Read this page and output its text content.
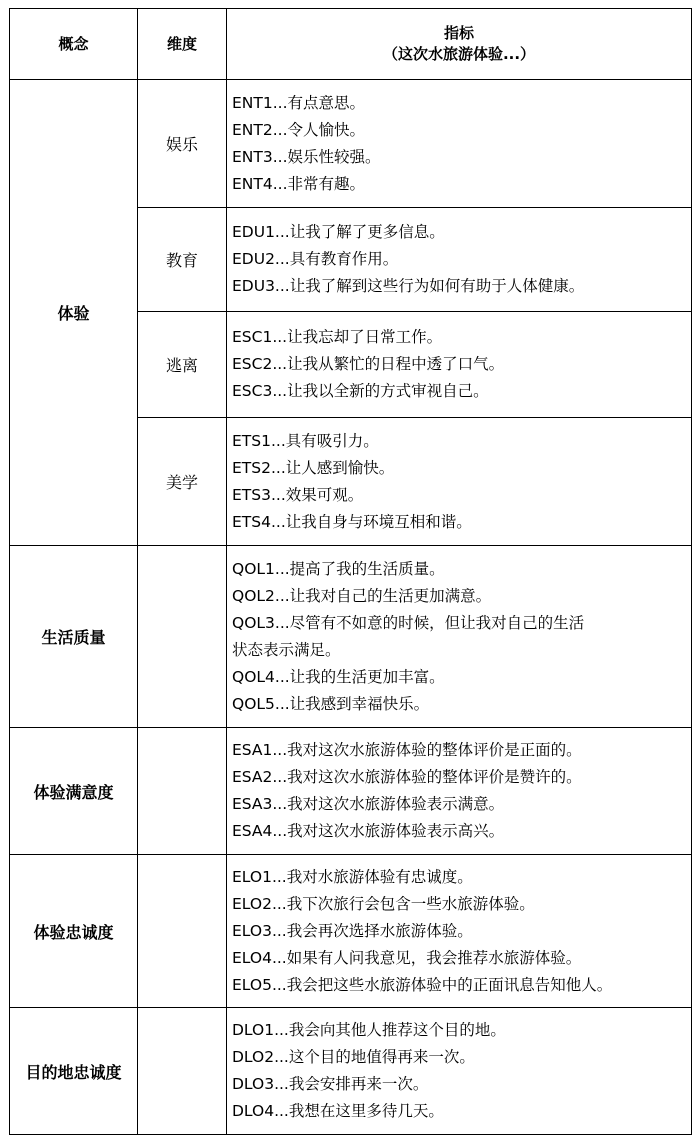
概念	维度	指标
（这次水旅游体验...）

体验	娱乐	ENT1...有点意思。
ENT2...令人愉快。
ENT3...娱乐性较强。
ENT4...非常有趣。

	教育	EDU1...让我了解了更多信息。
EDU2...具有教育作用。
EDU3...让我了解到这些行为如何有助于人体健康。

	逃离	ESC1...让我忘却了日常工作。
ESC2...让我从繁忙的日程中透了口气。
ESC3...让我以全新的方式审视自己。

	美学	ETS1...具有吸引力。
ETS2...让人感到愉快。
ETS3...效果可观。
ETS4...让我自身与环境互相和谐。

生活质量		QOL1...提高了我的生活质量。
QOL2...让我对自己的生活更加满意。
QOL3...尽管有不如意的时候，但让我对自己的生活状态表示满足。
QOL4...让我的生活更加丰富。
QOL5...让我感到幸福快乐。

体验满意度		ESA1...我对这次水旅游体验的整体评价是正面的。
ESA2...我对这次水旅游体验的整体评价是赞许的。
ESA3...我对这次水旅游体验表示满意。
ESA4...我对这次水旅游体验表示高兴。

体验忠诚度		ELO1...我对水旅游体验有忠诚度。
ELO2...我下次旅行会包含一些水旅游体验。
ELO3...我会再次选择水旅游体验。
ELO4...如果有人问我意见，我会推荐水旅游体验。
ELO5...我会把这些水旅游体验中的正面讯息告知他人。

目的地忠诚度		DLO1...我会向其他人推荐这个目的地。
DLO2...这个目的地值得再来一次。
DLO3...我会安排再来一次。
DLO4...我想在这里多待几天。
